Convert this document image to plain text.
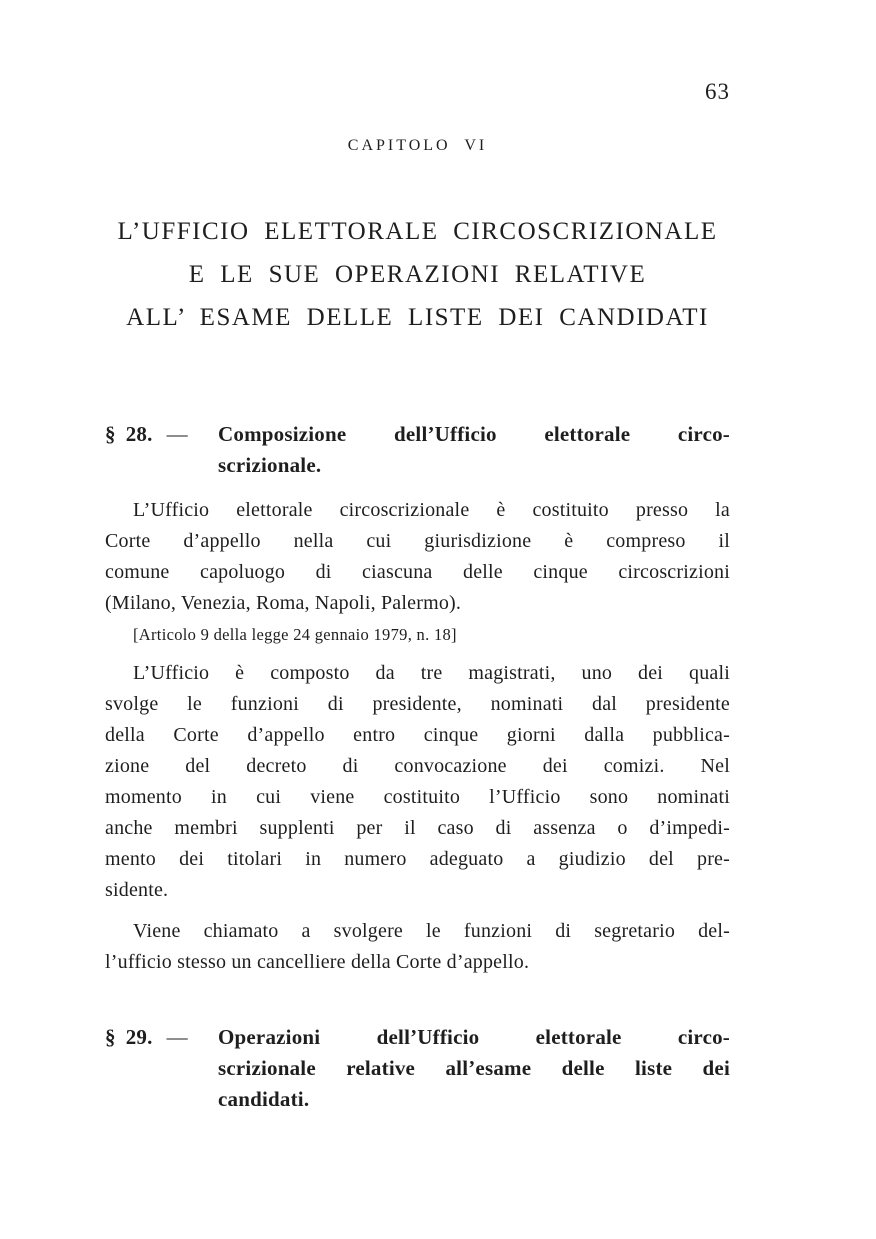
63
CAPITOLO VI
L’UFFICIO ELETTORALE CIRCOSCRIZIONALE
E LE SUE OPERAZIONI RELATIVE
ALL’ ESAME DELLE LISTE DEI CANDIDATI
§ 28. — Composizione dell’Ufficio elettorale circo-
scrizionale.
L’Ufficio elettorale circoscrizionale è costituito presso la
Corte d’appello nella cui giurisdizione è compreso il
comune capoluogo di ciascuna delle cinque circoscrizioni
(Milano, Venezia, Roma, Napoli, Palermo).
[Articolo 9 della legge 24 gennaio 1979, n. 18]
L’Ufficio è composto da tre magistrati, uno dei quali
svolge le funzioni di presidente, nominati dal presidente
della Corte d’appello entro cinque giorni dalla pubblica-
zione del decreto di convocazione dei comizi. Nel
momento in cui viene costituito l’Ufficio sono nominati
anche membri supplenti per il caso di assenza o d’impedi-
mento dei titolari in numero adeguato a giudizio del pre-
sidente.
Viene chiamato a svolgere le funzioni di segretario del-
l’ufficio stesso un cancelliere della Corte d’appello.
§ 29. — Operazioni dell’Ufficio elettorale circo-
scrizionale relative all’esame delle liste dei
candidati.
